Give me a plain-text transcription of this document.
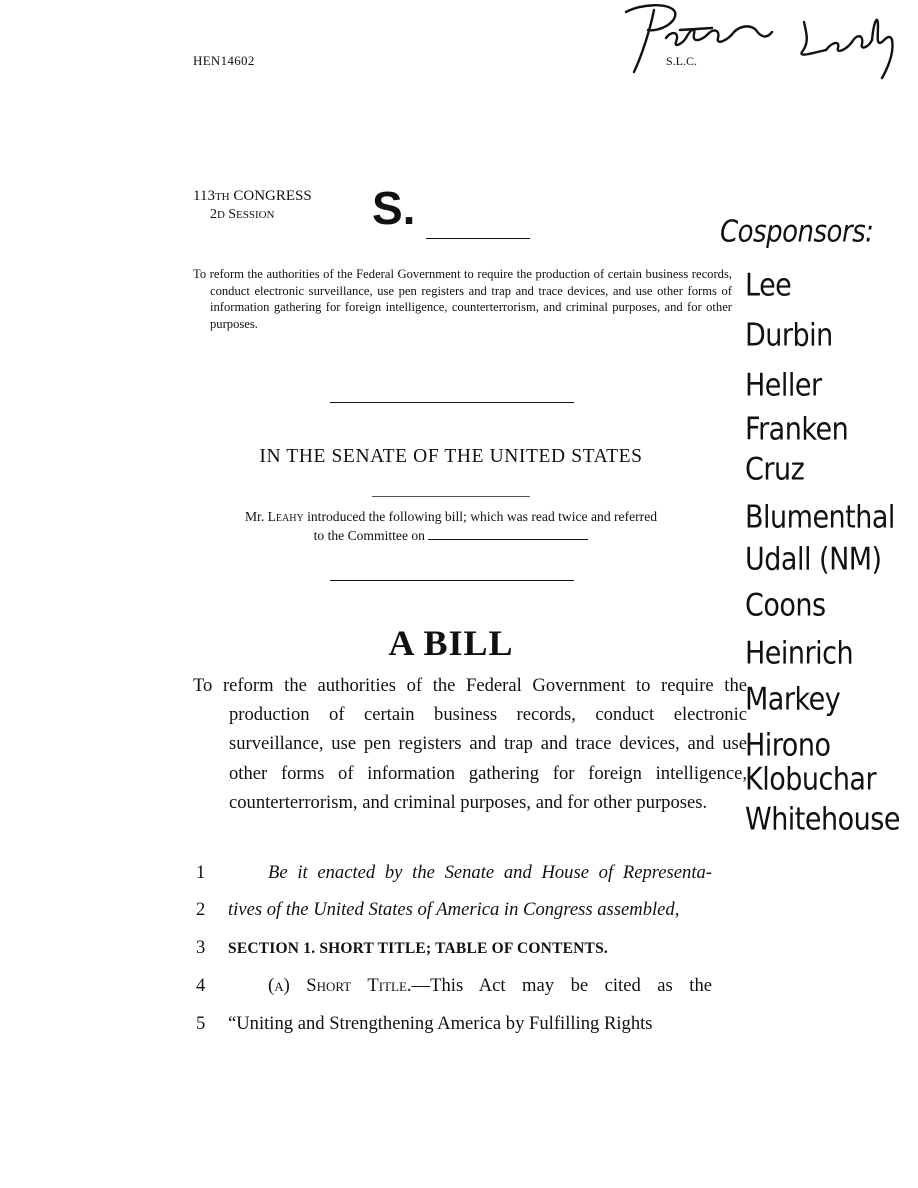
HEN14602	S.L.C.
113TH CONGRESS
2D SESSION S.
To reform the authorities of the Federal Government to require the production of certain business records, conduct electronic surveillance, use pen registers and trap and trace devices, and use other forms of information gathering for foreign intelligence, counterterrorism, and criminal purposes, and for other purposes.
IN THE SENATE OF THE UNITED STATES
Mr. Leahy introduced the following bill; which was read twice and referred
to the Committee on
A BILL
To reform the authorities of the Federal Government to require the production of certain business records, conduct electronic surveillance, use pen registers and trap and trace devices, and use other forms of information gathering for foreign intelligence, counterterrorism, and criminal purposes, and for other purposes.
1	Be it enacted by the Senate and House of Representa-
2	tives of the United States of America in Congress assembled,
3	SECTION 1. SHORT TITLE; TABLE OF CONTENTS.
4	(a) Short Title.—This Act may be cited as the
5	“Uniting and Strengthening America by Fulfilling Rights
Cosponsors:
Lee
Durbin
Heller
Franken
Cruz
Blumenthal
Udall (NM)
Coons
Heinrich
Markey
Hirono
Klobuchar
Whitehouse
